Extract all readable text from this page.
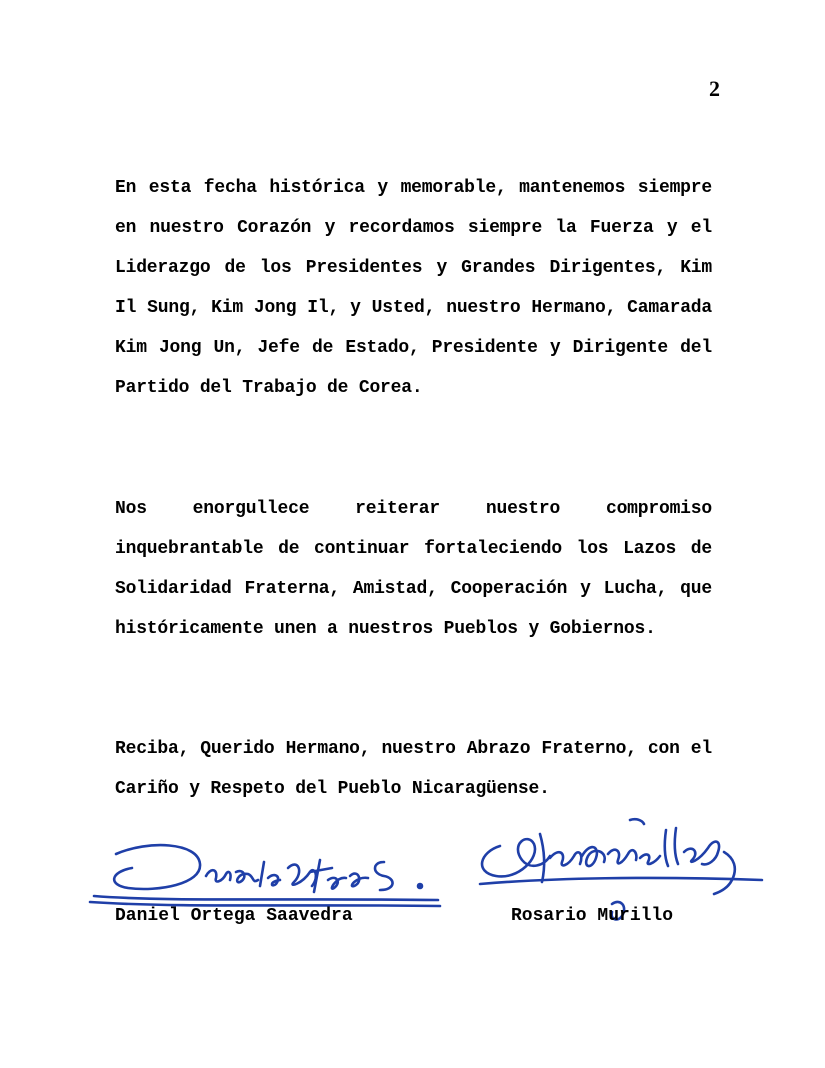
2

En esta fecha histórica y memorable, mantenemos siempre en nuestro Corazón y recordamos siempre la Fuerza y el Liderazgo de los Presidentes y Grandes Dirigentes, Kim Il Sung, Kim Jong Il, y Usted, nuestro Hermano, Camarada Kim Jong Un, Jefe de Estado, Presidente y Dirigente del Partido del Trabajo de Corea.

Nos enorgullece reiterar nuestro compromiso inquebrantable de continuar fortaleciendo los Lazos de Solidaridad Fraterna, Amistad, Cooperación y Lucha, que históricamente unen a nuestros Pueblos y Gobiernos.

Reciba, Querido Hermano, nuestro Abrazo Fraterno, con el Cariño y Respeto del Pueblo Nicaragüense.

Daniel Ortega Saavedra	Rosario Murillo
